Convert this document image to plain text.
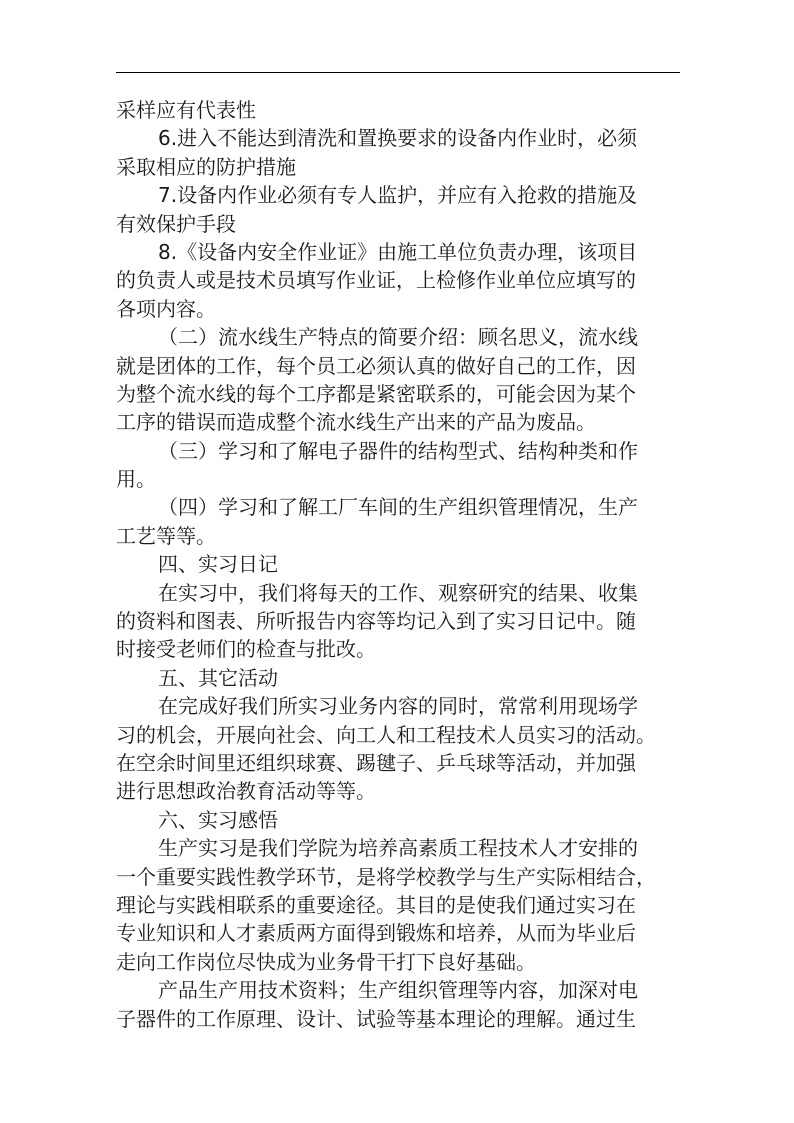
采样应有代表性
6.进入不能达到清洗和置换要求的设备内作业时，必须
采取相应的防护措施
7.设备内作业必须有专人监护，并应有入抢救的措施及
有效保护手段
8.《设备内安全作业证》由施工单位负责办理，该项目
的负责人或是技术员填写作业证，上检修作业单位应填写的
各项内容。
（二）流水线生产特点的简要介绍：顾名思义，流水线
就是团体的工作，每个员工必须认真的做好自己的工作，因
为整个流水线的每个工序都是紧密联系的，可能会因为某个
工序的错误而造成整个流水线生产出来的产品为废品。
（三）学习和了解电子器件的结构型式、结构种类和作
用。
（四）学习和了解工厂车间的生产组织管理情况，生产
工艺等等。
四、实习日记
在实习中，我们将每天的工作、观察研究的结果、收集
的资料和图表、所听报告内容等均记入到了实习日记中。随
时接受老师们的检查与批改。
五、其它活动
在完成好我们所实习业务内容的同时，常常利用现场学
习的机会，开展向社会、向工人和工程技术人员实习的活动。
在空余时间里还组织球赛、踢毽子、乒乓球等活动，并加强
进行思想政治教育活动等等。
六、实习感悟
生产实习是我们学院为培养高素质工程技术人才安排的
一个重要实践性教学环节，是将学校教学与生产实际相结合，
理论与实践相联系的重要途径。其目的是使我们通过实习在
专业知识和人才素质两方面得到锻炼和培养，从而为毕业后
走向工作岗位尽快成为业务骨干打下良好基础。
产品生产用技术资料；生产组织管理等内容，加深对电
子器件的工作原理、设计、试验等基本理论的理解。通过生
